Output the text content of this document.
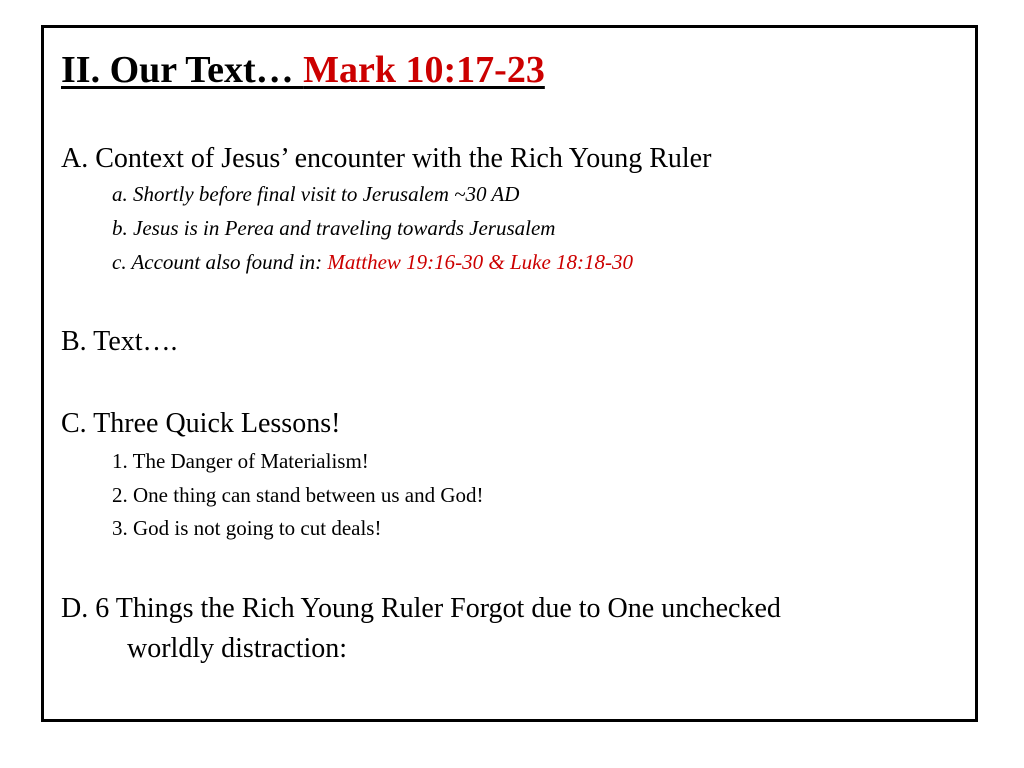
II. Our Text… Mark 10:17-23
A. Context of Jesus’ encounter with the Rich Young Ruler
a. Shortly before final visit to Jerusalem ~30 AD
b. Jesus is in Perea and traveling towards Jerusalem
c. Account also found in: Matthew 19:16-30 & Luke 18:18-30
B. Text….
C. Three Quick Lessons!
1. The Danger of Materialism!
2. One thing can stand between us and God!
3. God is not going to cut deals!
D. 6 Things the Rich Young Ruler Forgot due to One unchecked
worldly distraction:
